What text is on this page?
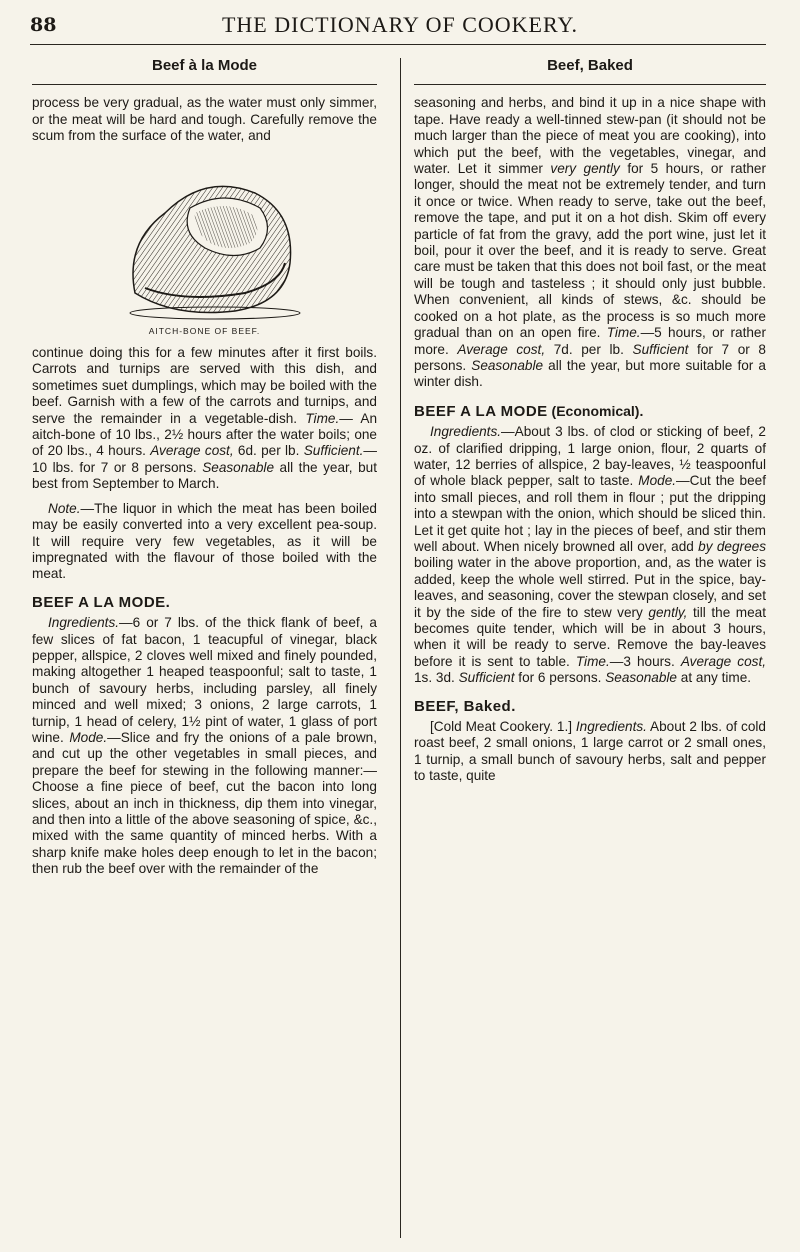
88	THE DICTIONARY OF COOKERY.
Beef à la Mode

process be very gradual, as the water must only simmer, or the meat will be hard and tough. Carefully remove the scum from the surface of the water, and

AITCH-BONE OF BEEF.

continue doing this for a few minutes after it first boils. Carrots and turnips are served with this dish, and sometimes suet dumplings, which may be boiled with the beef. Garnish with a few of the carrots and turnips, and serve the remainder in a vegetable-dish. Time.— An aitch-bone of 10 lbs., 2½ hours after the water boils; one of 20 lbs., 4 hours. Average cost, 6d. per lb. Sufficient.— 10 lbs. for 7 or 8 persons. Seasonable all the year, but best from September to March.

Note.—The liquor in which the meat has been boiled may be easily converted into a very excellent pea-soup. It will require very few vegetables, as it will be impregnated with the flavour of those boiled with the meat.

BEEF A LA MODE.

Ingredients.—6 or 7 lbs. of the thick flank of beef, a few slices of fat bacon, 1 teacupful of vinegar, black pepper, allspice, 2 cloves well mixed and finely pounded, making altogether 1 heaped teaspoonful; salt to taste, 1 bunch of savoury herbs, including parsley, all finely minced and well mixed; 3 onions, 2 large carrots, 1 turnip, 1 head of celery, 1½ pint of water, 1 glass of port wine. Mode.—Slice and fry the onions of a pale brown, and cut up the other vegetables in small pieces, and prepare the beef for stewing in the following manner:—Choose a fine piece of beef, cut the bacon into long slices, about an inch in thickness, dip them into vinegar, and then into a little of the above seasoning of spice, &c., mixed with the same quantity of minced herbs. With a sharp knife make holes deep enough to let in the bacon; then rub the beef over with the remainder of the

Beef, Baked

seasoning and herbs, and bind it up in a nice shape with tape. Have ready a well-tinned stew-pan (it should not be much larger than the piece of meat you are cooking), into which put the beef, with the vegetables, vinegar, and water. Let it simmer very gently for 5 hours, or rather longer, should the meat not be extremely tender, and turn it once or twice. When ready to serve, take out the beef, remove the tape, and put it on a hot dish. Skim off every particle of fat from the gravy, add the port wine, just let it boil, pour it over the beef, and it is ready to serve. Great care must be taken that this does not boil fast, or the meat will be tough and tasteless ; it should only just bubble. When convenient, all kinds of stews, &c. should be cooked on a hot plate, as the process is so much more gradual than on an open fire. Time.—5 hours, or rather more. Average cost, 7d. per lb. Sufficient for 7 or 8 persons. Seasonable all the year, but more suitable for a winter dish.

BEEF A LA MODE (Economical).

Ingredients.—About 3 lbs. of clod or sticking of beef, 2 oz. of clarified dripping, 1 large onion, flour, 2 quarts of water, 12 berries of allspice, 2 bay-leaves, ½ teaspoonful of whole black pepper, salt to taste. Mode.—Cut the beef into small pieces, and roll them in flour ; put the dripping into a stewpan with the onion, which should be sliced thin. Let it get quite hot ; lay in the pieces of beef, and stir them well about. When nicely browned all over, add by degrees boiling water in the above proportion, and, as the water is added, keep the whole well stirred. Put in the spice, bay-leaves, and seasoning, cover the stewpan closely, and set it by the side of the fire to stew very gently, till the meat becomes quite tender, which will be in about 3 hours, when it will be ready to serve. Remove the bay-leaves before it is sent to table. Time.—3 hours. Average cost, 1s. 3d. Sufficient for 6 persons. Seasonable at any time.

BEEF, Baked.

[Cold Meat Cookery. 1.] Ingredients. About 2 lbs. of cold roast beef, 2 small onions, 1 large carrot or 2 small ones, 1 turnip, a small bunch of savoury herbs, salt and pepper to taste, quite
